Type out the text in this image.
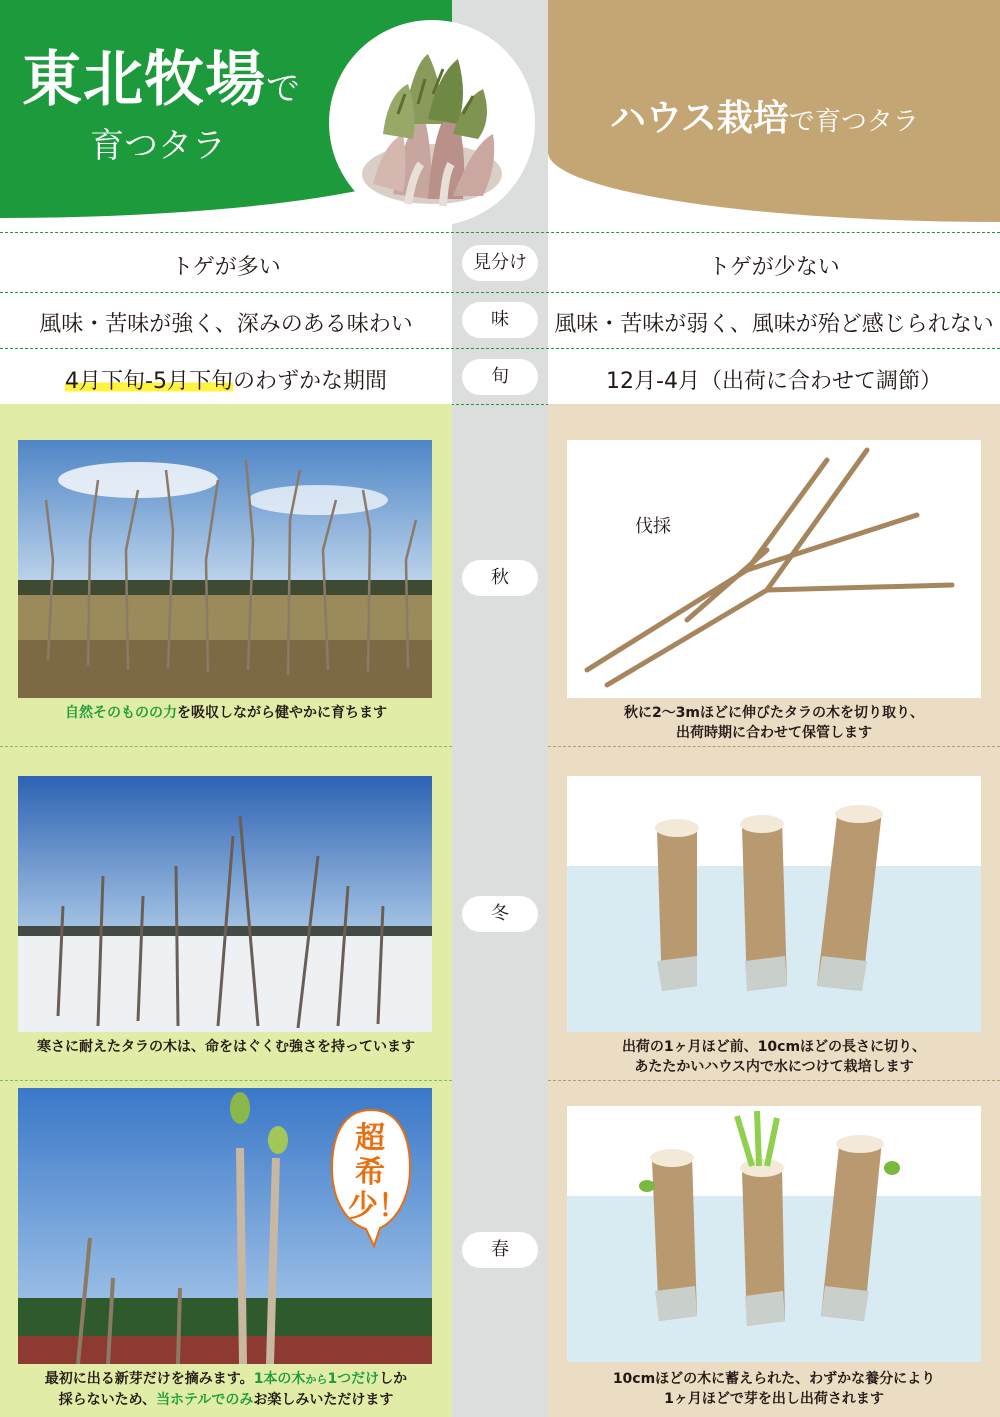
東北牧場で
育つタラ
ハウス栽培で育つタラ
トゲが多い	見分け	トゲが少ない
風味・苦味が強く、深みのある味わい	味	風味・苦味が弱く、風味が殆ど感じられない
4月下旬-5月下旬のわずかな期間	旬	12月-4月（出荷に合わせて調節）
自然そのものの力を吸収しながら健やかに育ちます
秋
伐採
秋に2〜3mほどに伸びたタラの木を切り取り、
出荷時期に合わせて保管します
寒さに耐えたタラの木は、命をはぐくむ強さを持っています
冬
出荷の1ヶ月ほど前、10cmほどの長さに切り、
あたたかいハウス内で水につけて栽培します
超希少！
最初に出る新芽だけを摘みます。1本の木から1つだけしか
採らないため、当ホテルでのみお楽しみいただけます
春
10cmほどの木に蓄えられた、わずかな養分により
1ヶ月ほどで芽を出し出荷されます
